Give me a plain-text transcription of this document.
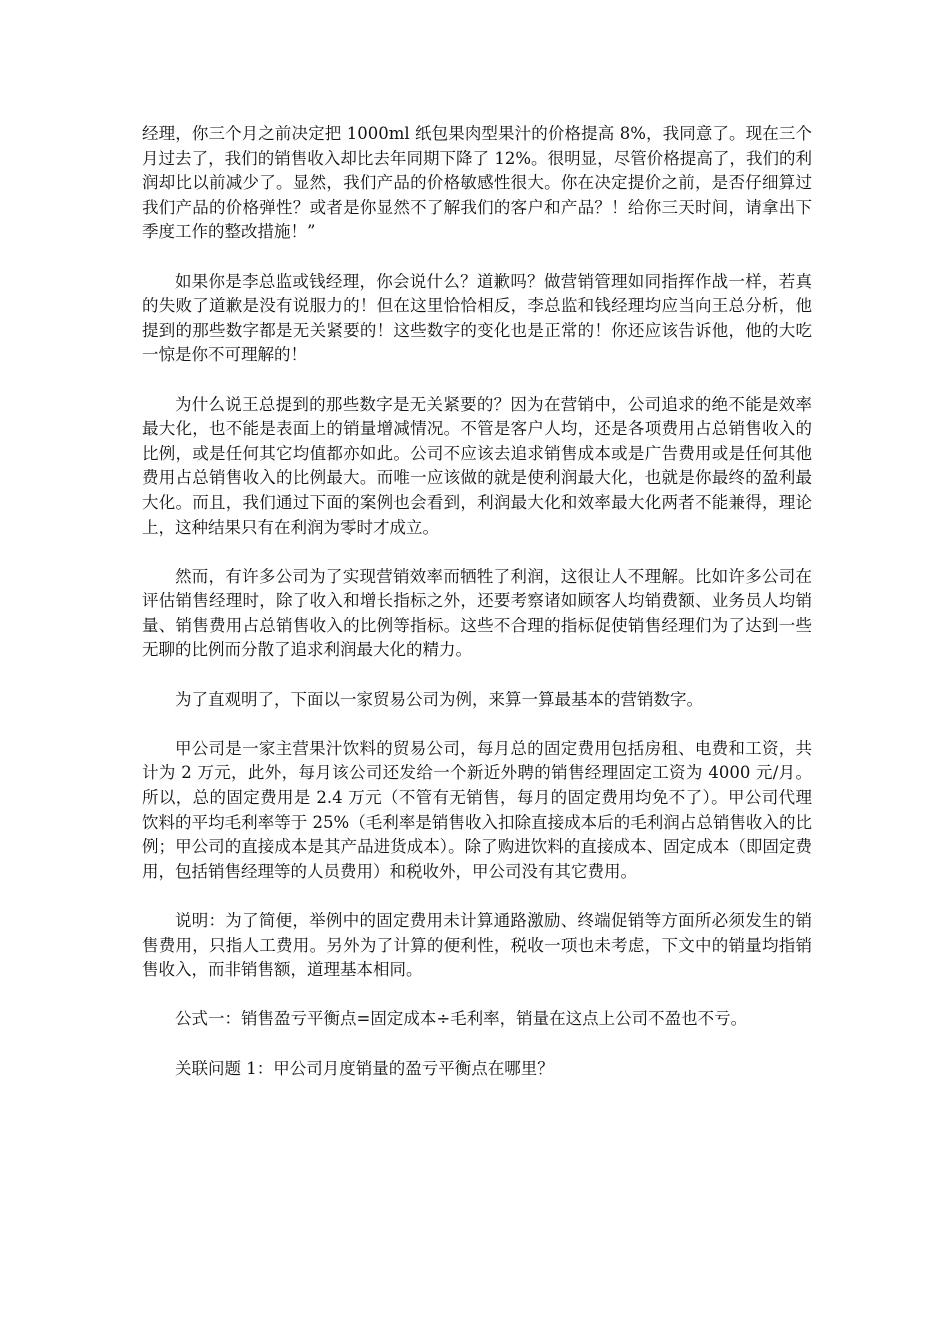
经理，你三个月之前决定把 1000ml 纸包果肉型果汁的价格提高 8%，我同意了。现在三个月过去了，我们的销售收入却比去年同期下降了 12%。很明显，尽管价格提高了，我们的利润却比以前减少了。显然，我们产品的价格敏感性很大。你在决定提价之前，是否仔细算过我们产品的价格弹性？或者是你显然不了解我们的客户和产品？！给你三天时间，请拿出下季度工作的整改措施！”

如果你是李总监或钱经理，你会说什么？道歉吗？做营销管理如同指挥作战一样，若真的失败了道歉是没有说服力的！但在这里恰恰相反，李总监和钱经理均应当向王总分析，他提到的那些数字都是无关紧要的！这些数字的变化也是正常的！你还应该告诉他，他的大吃一惊是你不可理解的！

为什么说王总提到的那些数字是无关紧要的？因为在营销中，公司追求的绝不能是效率最大化，也不能是表面上的销量增减情况。不管是客户人均，还是各项费用占总销售收入的比例，或是任何其它均值都亦如此。公司不应该去追求销售成本或是广告费用或是任何其他费用占总销售收入的比例最大。而唯一应该做的就是使利润最大化，也就是你最终的盈利最大化。而且，我们通过下面的案例也会看到，利润最大化和效率最大化两者不能兼得，理论上，这种结果只有在利润为零时才成立。

然而，有许多公司为了实现营销效率而牺牲了利润，这很让人不理解。比如许多公司在评估销售经理时，除了收入和增长指标之外，还要考察诸如顾客人均销费额、业务员人均销量、销售费用占总销售收入的比例等指标。这些不合理的指标促使销售经理们为了达到一些无聊的比例而分散了追求利润最大化的精力。

为了直观明了，下面以一家贸易公司为例，来算一算最基本的营销数字。

甲公司是一家主营果汁饮料的贸易公司，每月总的固定费用包括房租、电费和工资，共计为 2 万元，此外，每月该公司还发给一个新近外聘的销售经理固定工资为 4000 元/月。所以，总的固定费用是 2.4 万元（不管有无销售，每月的固定费用均免不了）。甲公司代理饮料的平均毛利率等于 25%（毛利率是销售收入扣除直接成本后的毛利润占总销售收入的比例；甲公司的直接成本是其产品进货成本）。除了购进饮料的直接成本、固定成本（即固定费用，包括销售经理等的人员费用）和税收外，甲公司没有其它费用。

说明：为了简便，举例中的固定费用未计算通路激励、终端促销等方面所必须发生的销售费用，只指人工费用。另外为了计算的便利性，税收一项也未考虑，下文中的销量均指销售收入，而非销售额，道理基本相同。

公式一：销售盈亏平衡点=固定成本÷毛利率，销量在这点上公司不盈也不亏。

关联问题 1：甲公司月度销量的盈亏平衡点在哪里？
